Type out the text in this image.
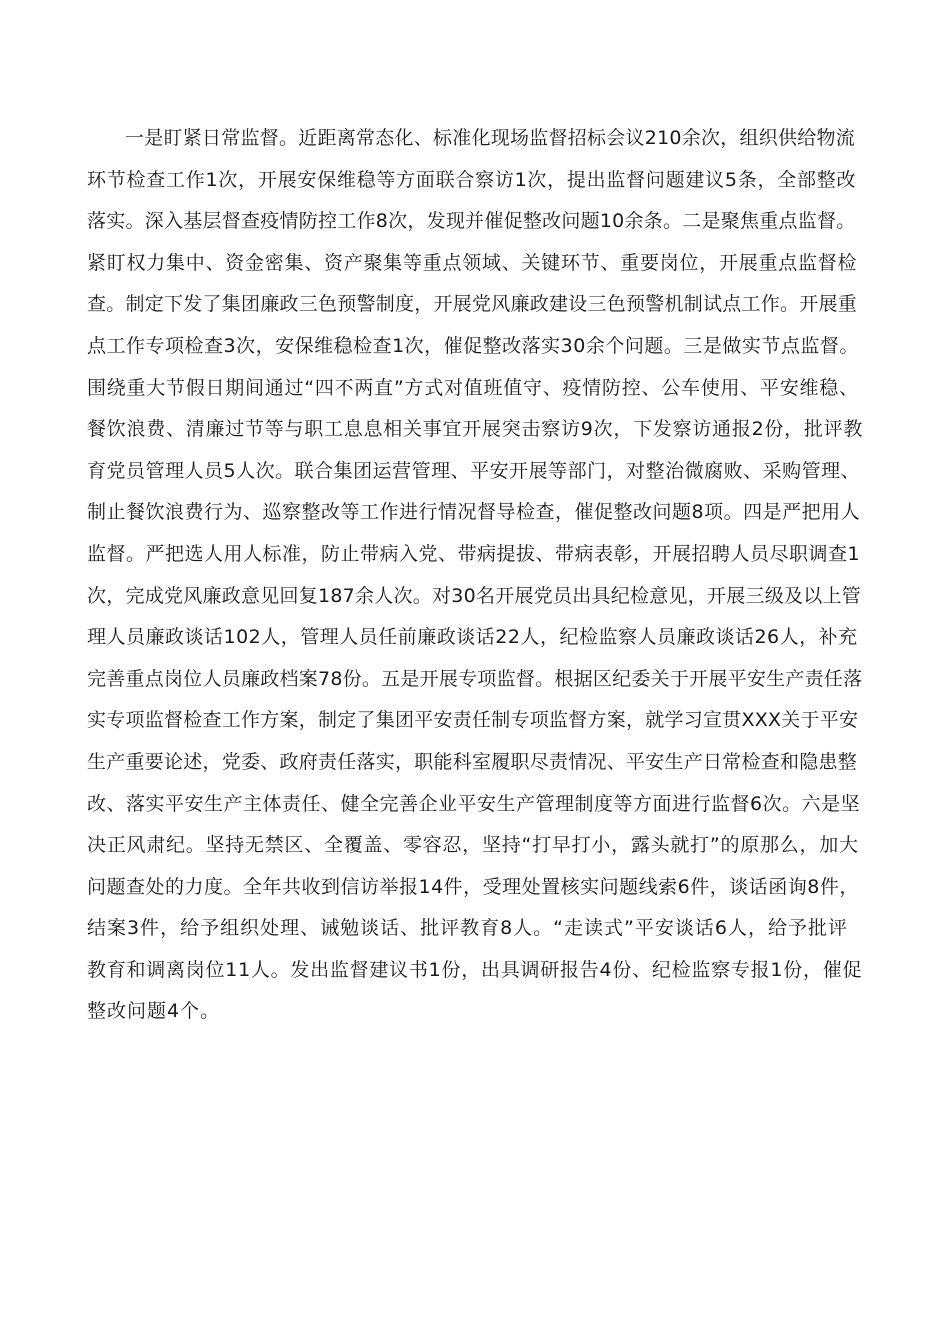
一是盯紧日常监督。近距离常态化、标准化现场监督招标会议210余次，组织供给物流
环节检查工作1次，开展安保维稳等方面联合察访1次，提出监督问题建议5条，全部整改
落实。深入基层督查疫情防控工作8次，发现并催促整改问题10余条。二是聚焦重点监督。
紧盯权力集中、资金密集、资产聚集等重点领域、关键环节、重要岗位，开展重点监督检
查。制定下发了集团廉政三色预警制度，开展党风廉政建设三色预警机制试点工作。开展重
点工作专项检查3次，安保维稳检查1次，催促整改落实30余个问题。三是做实节点监督。
围绕重大节假日期间通过“四不两直”方式对值班值守、疫情防控、公车使用、平安维稳、
餐饮浪费、清廉过节等与职工息息相关事宜开展突击察访9次，下发察访通报2份，批评教
育党员管理人员5人次。联合集团运营管理、平安开展等部门，对整治微腐败、采购管理、
制止餐饮浪费行为、巡察整改等工作进行情况督导检查，催促整改问题8项。四是严把用人
监督。严把选人用人标准，防止带病入党、带病提拔、带病表彰，开展招聘人员尽职调查1
次，完成党风廉政意见回复187余人次。对30名开展党员出具纪检意见，开展三级及以上管
理人员廉政谈话102人，管理人员任前廉政谈话22人，纪检监察人员廉政谈话26人，补充
完善重点岗位人员廉政档案78份。五是开展专项监督。根据区纪委关于开展平安生产责任落
实专项监督检查工作方案，制定了集团平安责任制专项监督方案，就学习宣贯XXX关于平安
生产重要论述，党委、政府责任落实，职能科室履职尽责情况、平安生产日常检查和隐患整
改、落实平安生产主体责任、健全完善企业平安生产管理制度等方面进行监督6次。六是坚
决正风肃纪。坚持无禁区、全覆盖、零容忍，坚持“打早打小，露头就打”的原那么，加大
问题查处的力度。全年共收到信访举报14件，受理处置核实问题线索6件，谈话函询8件，
结案3件，给予组织处理、诫勉谈话、批评教育8人。“走读式”平安谈话6人，给予批评
教育和调离岗位11人。发出监督建议书1份，出具调研报告4份、纪检监察专报1份，催促
整改问题4个。
